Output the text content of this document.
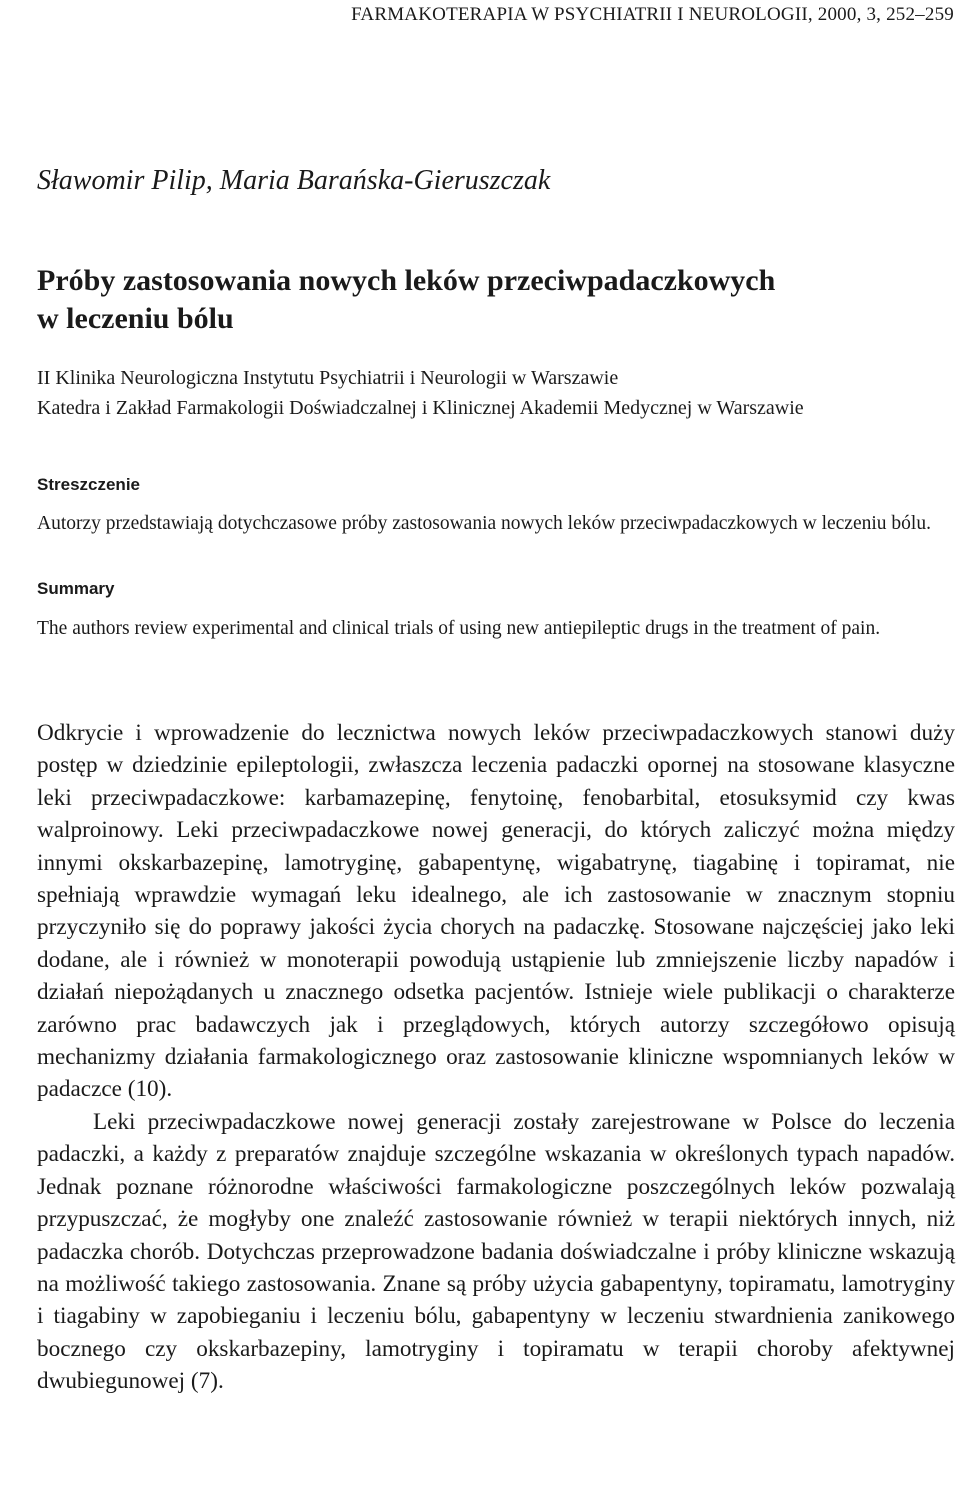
FARMAKOTERAPIA W PSYCHIATRII I NEUROLOGII, 2000, 3, 252–259
Sławomir Pilip, Maria Barańska-Gieruszczak
Próby zastosowania nowych leków przeciwpadaczkowych
w leczeniu bólu
II Klinika Neurologiczna Instytutu Psychiatrii i Neurologii w Warszawie
Katedra i Zakład Farmakologii Doświadczalnej i Klinicznej Akademii Medycznej w Warszawie
Streszczenie
Autorzy przedstawiają dotychczasowe próby zastosowania nowych leków przeciwpadaczkowych w leczeniu bólu.
Summary
The authors review experimental and clinical trials of using new antiepileptic drugs in the treatment of pain.

Odkrycie i wprowadzenie do lecznictwa nowych leków przeciwpadaczkowych stanowi duży postęp w dziedzinie epileptologii, zwłaszcza leczenia padaczki opornej na stosowane klasyczne leki przeciwpadaczkowe: karbamazepinę, fenytoinę, fenobarbital, etosuksymid czy kwas walproinowy. Leki przeciwpadaczkowe nowej generacji, do których zaliczyć można między innymi okskarbazepinę, lamotryginę, gabapentynę, wigabatrynę, tiagabinę i topiramat, nie spełniają wprawdzie wymagań leku idealnego, ale ich zastosowanie w znacznym stopniu przyczyniło się do poprawy jakości życia chorych na padaczkę. Stosowane najczęściej jako leki dodane, ale i również w monoterapii powodują ustąpienie lub zmniejszenie liczby napadów i działań niepożądanych u znacznego odsetka pacjentów. Istnieje wiele publikacji o charakterze zarówno prac badawczych jak i przeglądowych, których autorzy szczegółowo opisują mechanizmy działania farmakologicznego oraz zastosowanie kliniczne wspomnianych leków w padaczce (10).

Leki przeciwpadaczkowe nowej generacji zostały zarejestrowane w Polsce do leczenia padaczki, a każdy z preparatów znajduje szczególne wskazania w określonych typach napadów. Jednak poznane różnorodne właściwości farmakologiczne poszczególnych leków pozwalają przypuszczać, że mogłyby one znaleźć zastosowanie również w terapii niektórych innych, niż padaczka chorób. Dotychczas przeprowadzone badania doświadczalne i próby kliniczne wskazują na możliwość takiego zastosowania. Znane są próby użycia gabapentyny, topiramatu, lamotryginy i tiagabiny w zapobieganiu i leczeniu bólu, gabapentyny w leczeniu stwardnienia zanikowego bocznego czy okskarbazepiny, lamotryginy i topiramatu w terapii choroby afektywnej dwubiegunowej (7).
